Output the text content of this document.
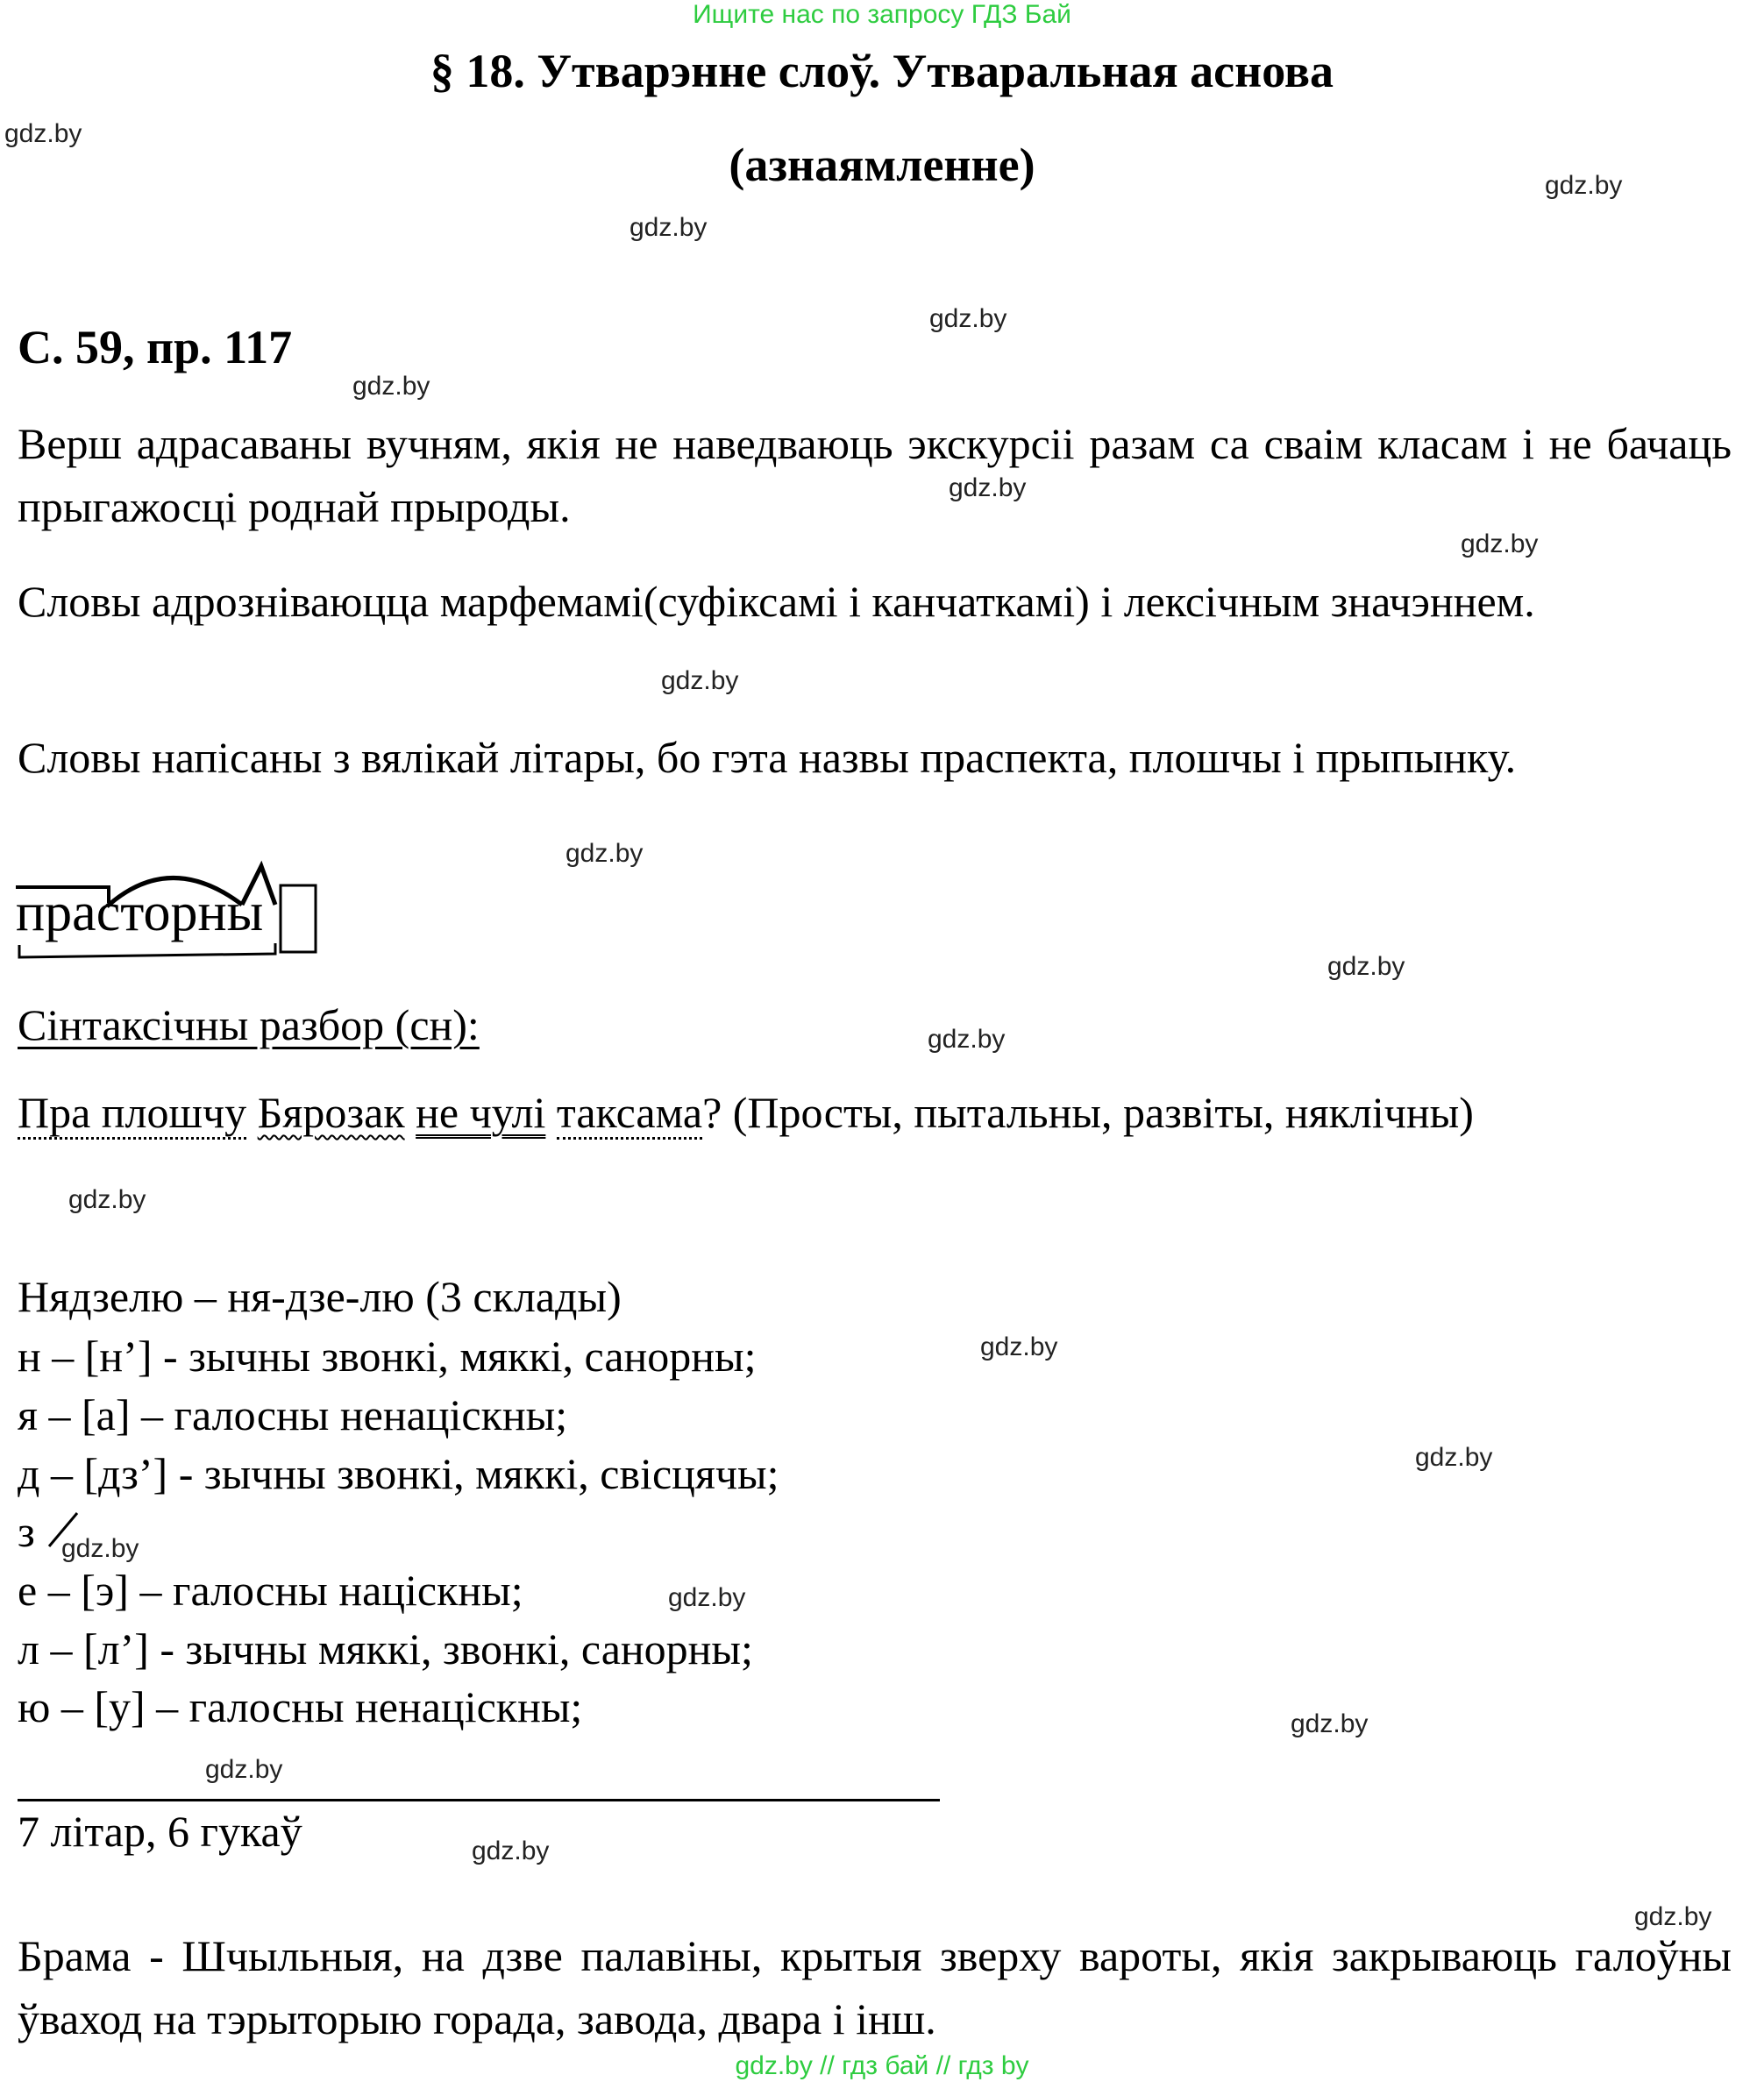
Ищите нас по запросу ГДЗ Бай
§ 18. Утварэнне слоў. Утваральная аснова
(азнаямленне)
С. 59, пр. 117
Верш адрасаваны вучням, якія не наведваюць экскурсіі разам са сваім класам і не бачаць прыгажосці роднай прыроды.
Словы адрозніваюцца марфемамі(суфіксамі і канчаткамі) і лексічным значэннем.
Словы напісаны з вялікай літары, бо гэта назвы праспекта, плошчы і прыпынку.
прасторны
Сінтаксічны разбор (сн):
Пра плошчу Бярозак не чулі таксама? (Просты, пытальны, развіты, няклічны)
Нядзелю – ня-дзе-лю (3 склады)
н – [н’] - зычны звонкі, мяккі, санорны;
я – [а] – галосны ненацiскны;
д – [дз’] - зычны звонкі, мяккі, свісцячы;
з
е – [э] – галосны нацiскны;
л – [л’] - зычны мяккі, звонкі, санорны;
ю – [у] – галосны ненацiскны;
7 літар, 6 гукаў
Брама - Шчыльныя, на дзве палавіны, крытыя зверху вароты, якія закрываюць галоўны ўваход на тэрыторыю горада, завода, двара і інш.
gdz.by
gdz.by
gdz.by
gdz.by
gdz.by
gdz.by
gdz.by
gdz.by
gdz.by
gdz.by
gdz.by
gdz.by
gdz.by
gdz.by
gdz.by
gdz.by
gdz.by
gdz.by
gdz.by
gdz.by
gdz.by // гдз бай // гдз by
